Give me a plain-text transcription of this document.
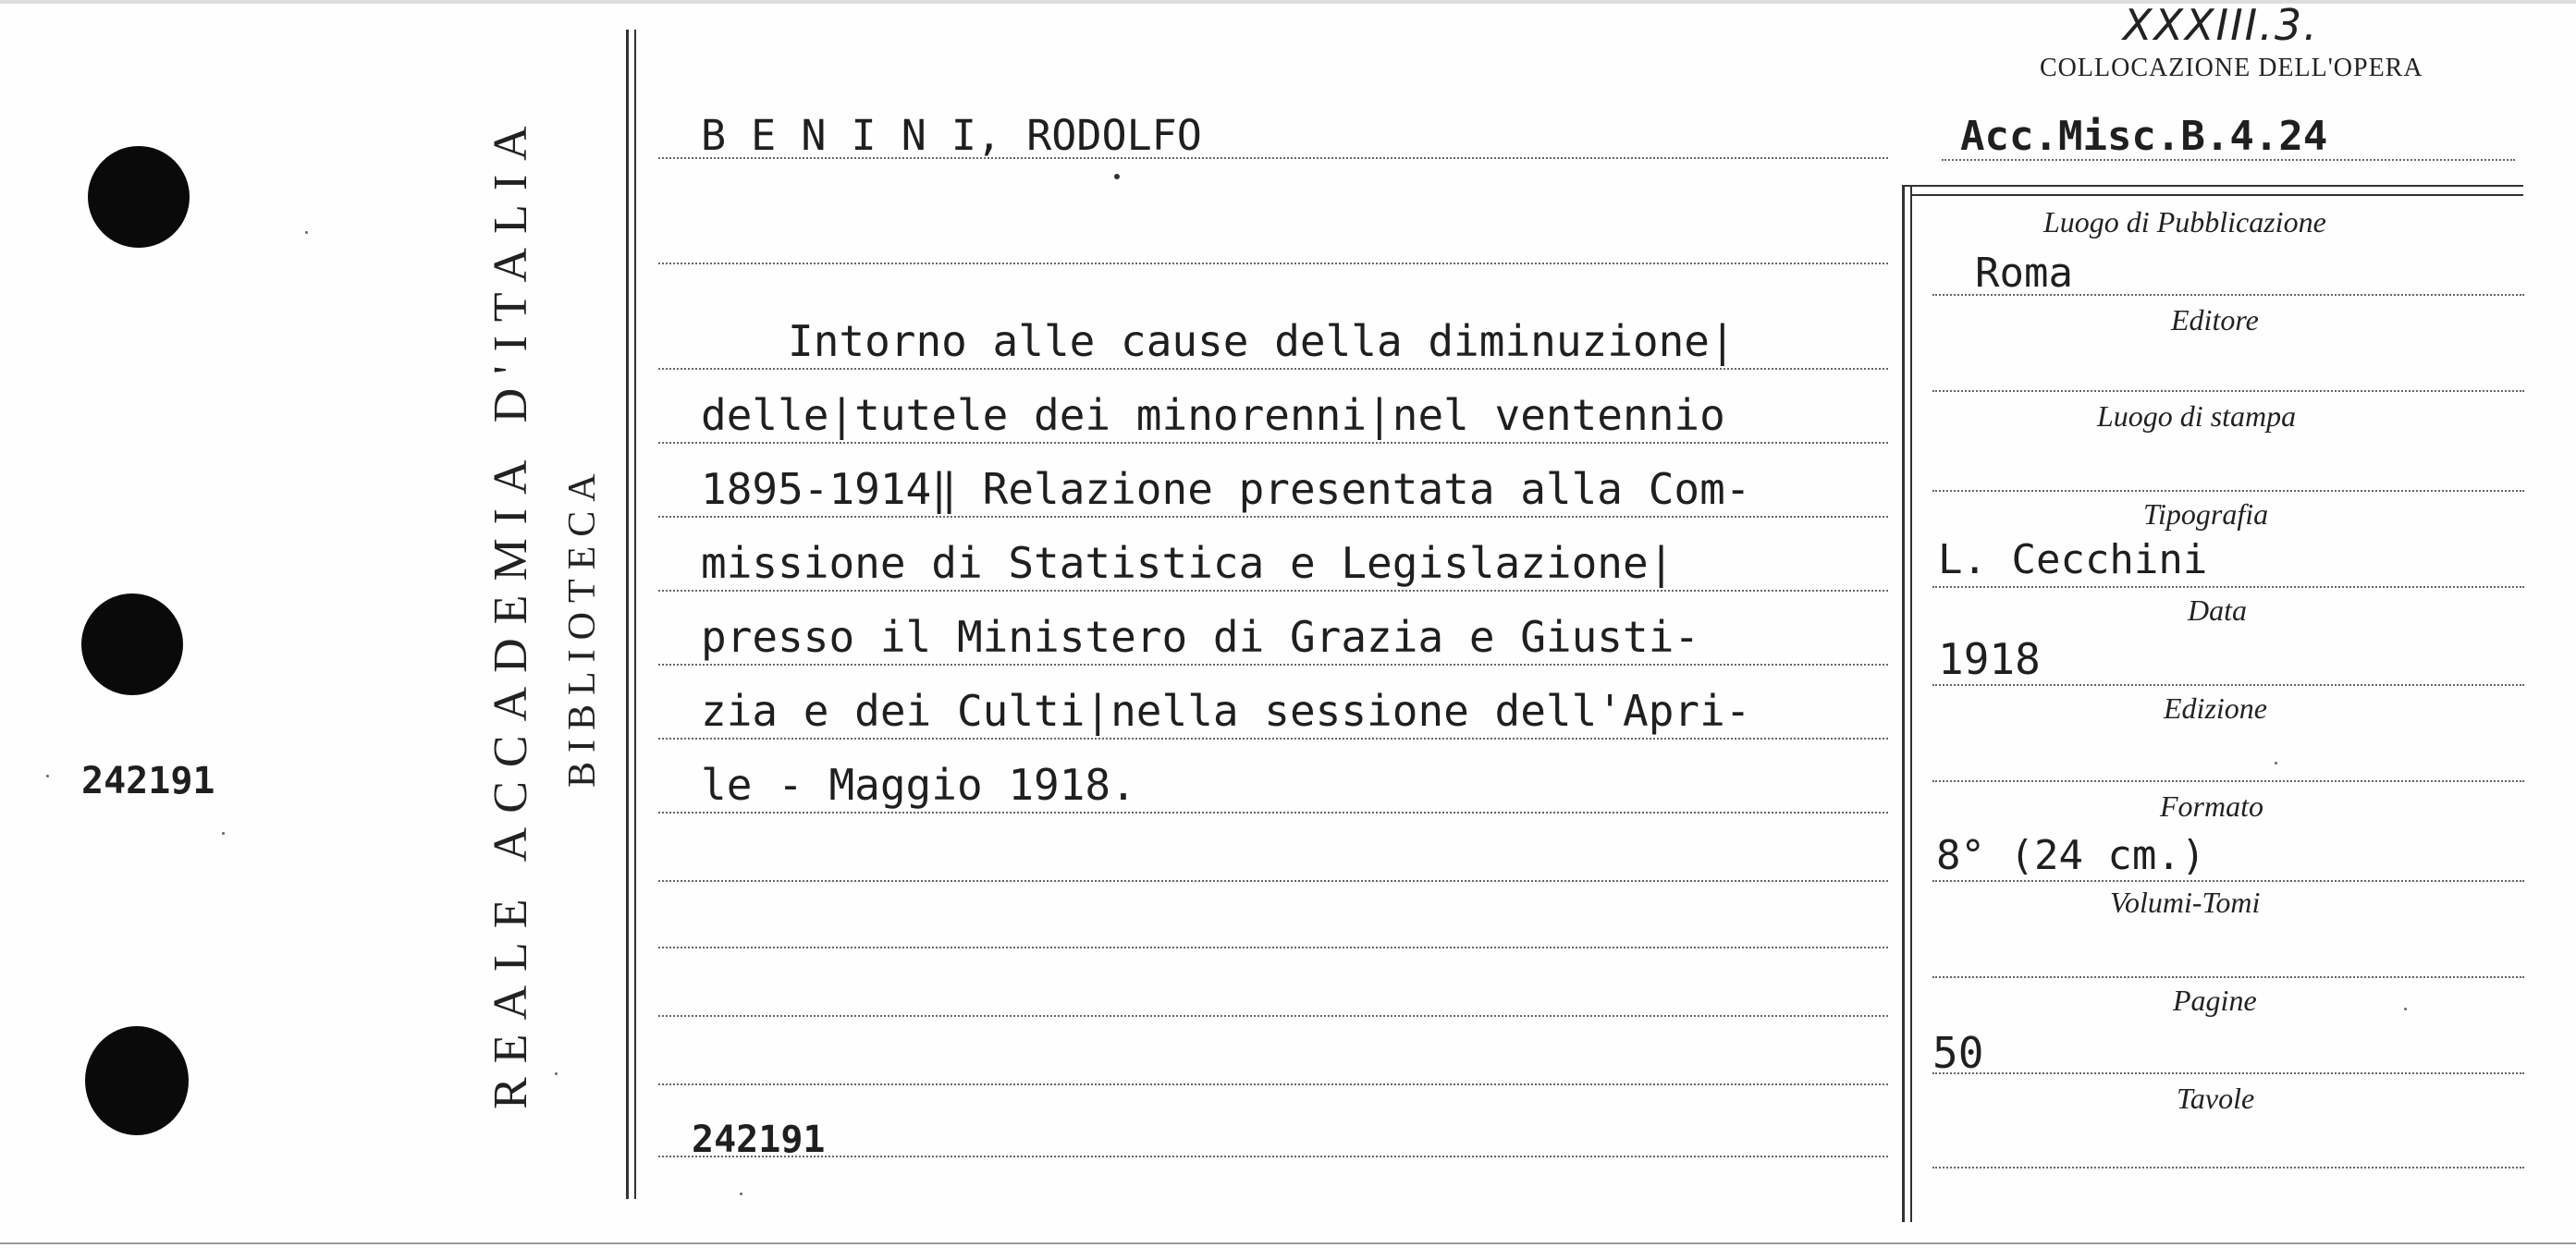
242191	REALE ACCADEMIA D'ITALIA BIBLIOTECA
XXXIII.3.
COLLOCAZIONE DELL'OPERA
Acc.Misc.B.4.24
B E N I N I, RODOLFO
Intorno alle cause della diminuzione|
delle|tutele dei minorenni|nel ventennio
1895-1914‖ Relazione presentata alla Com-
missione di Statistica e Legislazione|
presso il Ministero di Grazia e Giusti-
zia e dei Culti|nella sessione dell'Apri-
le - Maggio 1918.
242191
Luogo di Pubblicazione
Roma
Editore
Luogo di stampa
Tipografia
L. Cecchini
Data
1918
Edizione
Formato
8° (24 cm.)
Volumi-Tomi
Pagine
50
Tavole
